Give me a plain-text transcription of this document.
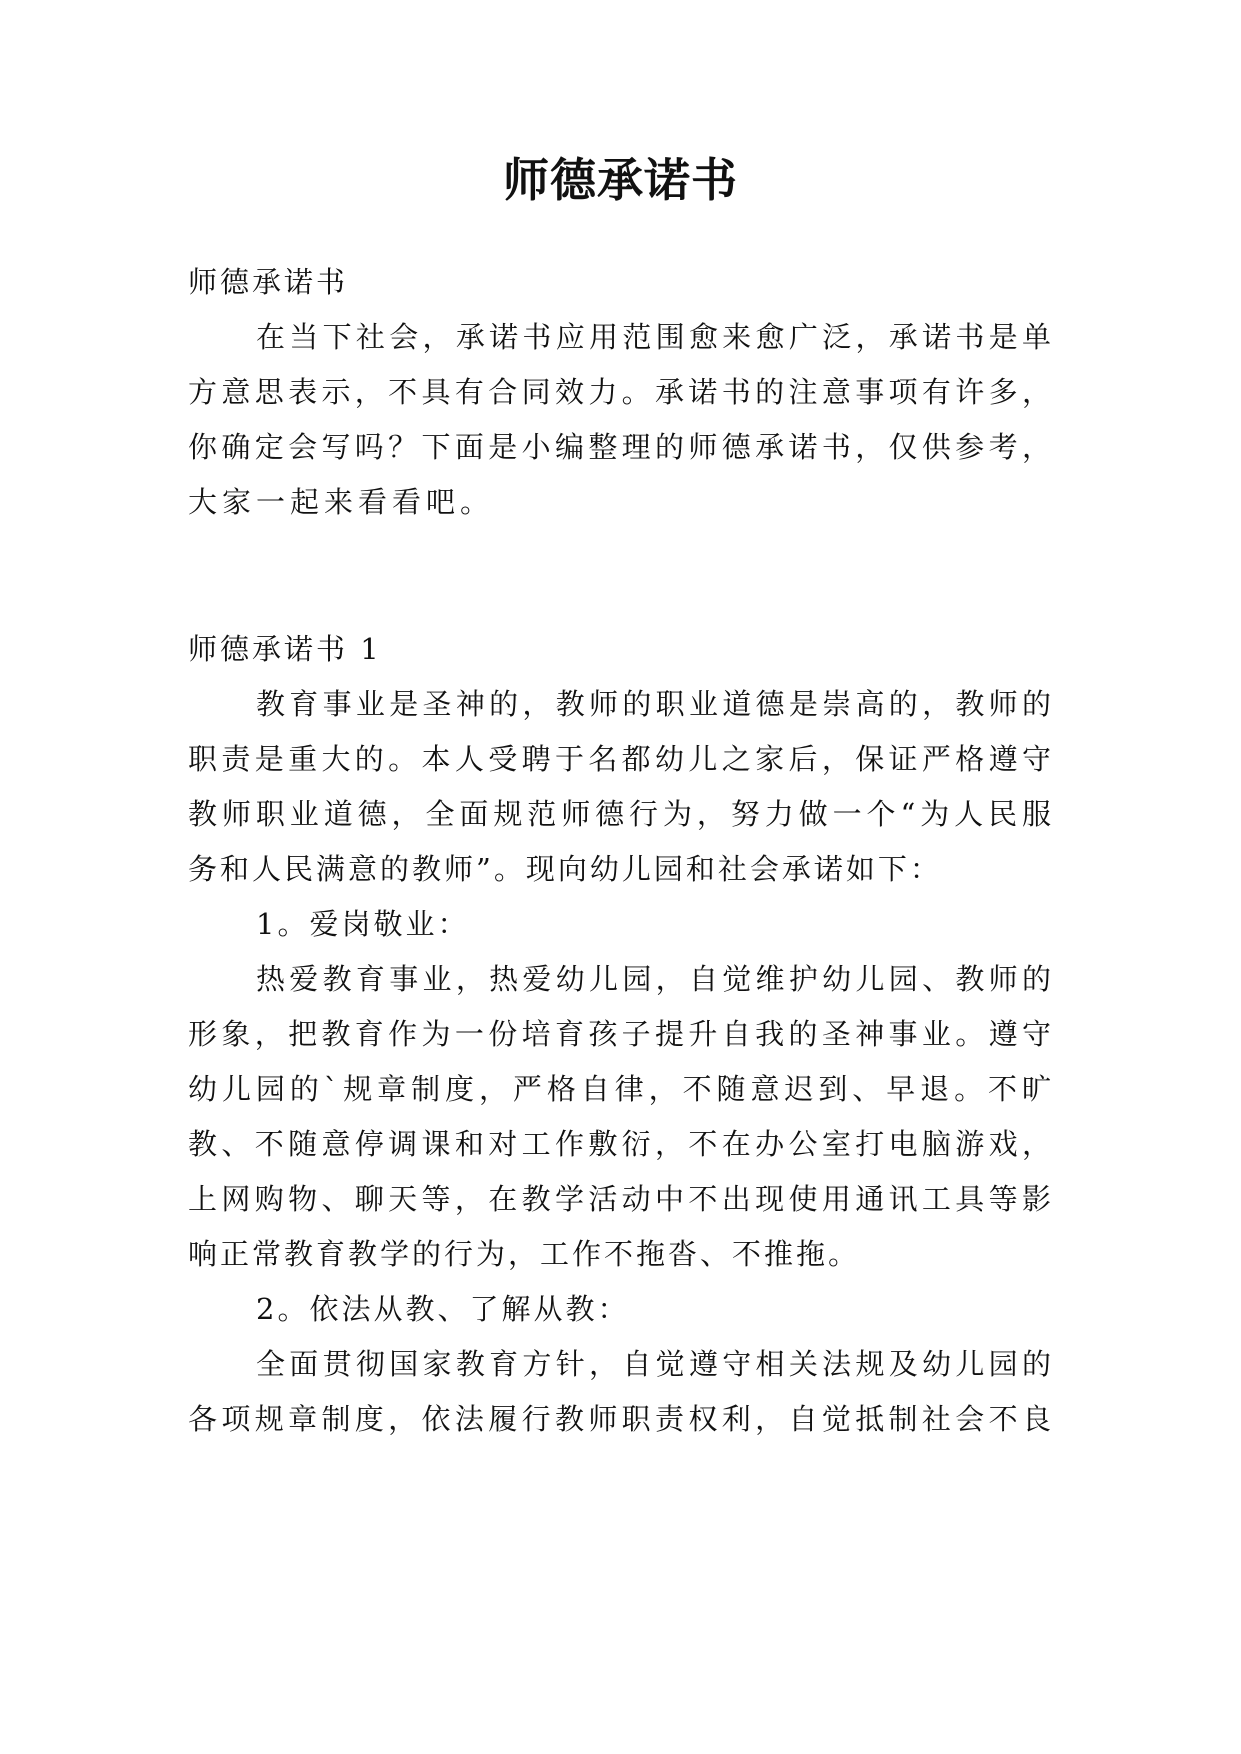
师德承诺书
师德承诺书
在当下社会，承诺书应用范围愈来愈广泛，承诺书是单
方意思表示，不具有合同效力。承诺书的注意事项有许多，
你确定会写吗？下面是小编整理的师德承诺书，仅供参考，
大家一起来看看吧。
师德承诺书 1
教育事业是圣神的，教师的职业道德是崇高的，教师的
职责是重大的。本人受聘于名都幼儿之家后，保证严格遵守
教师职业道德，全面规范师德行为，努力做一个“为人民服
务和人民满意的教师”。现向幼儿园和社会承诺如下：
1。爱岗敬业：
热爱教育事业，热爱幼儿园，自觉维护幼儿园、教师的
形象，把教育作为一份培育孩子提升自我的圣神事业。遵守
幼儿园的`规章制度，严格自律，不随意迟到、早退。不旷
教、不随意停调课和对工作敷衍，不在办公室打电脑游戏，
上网购物、聊天等，在教学活动中不出现使用通讯工具等影
响正常教育教学的行为，工作不拖沓、不推拖。
2。依法从教、了解从教：
全面贯彻国家教育方针，自觉遵守相关法规及幼儿园的
各项规章制度，依法履行教师职责权利，自觉抵制社会不良
